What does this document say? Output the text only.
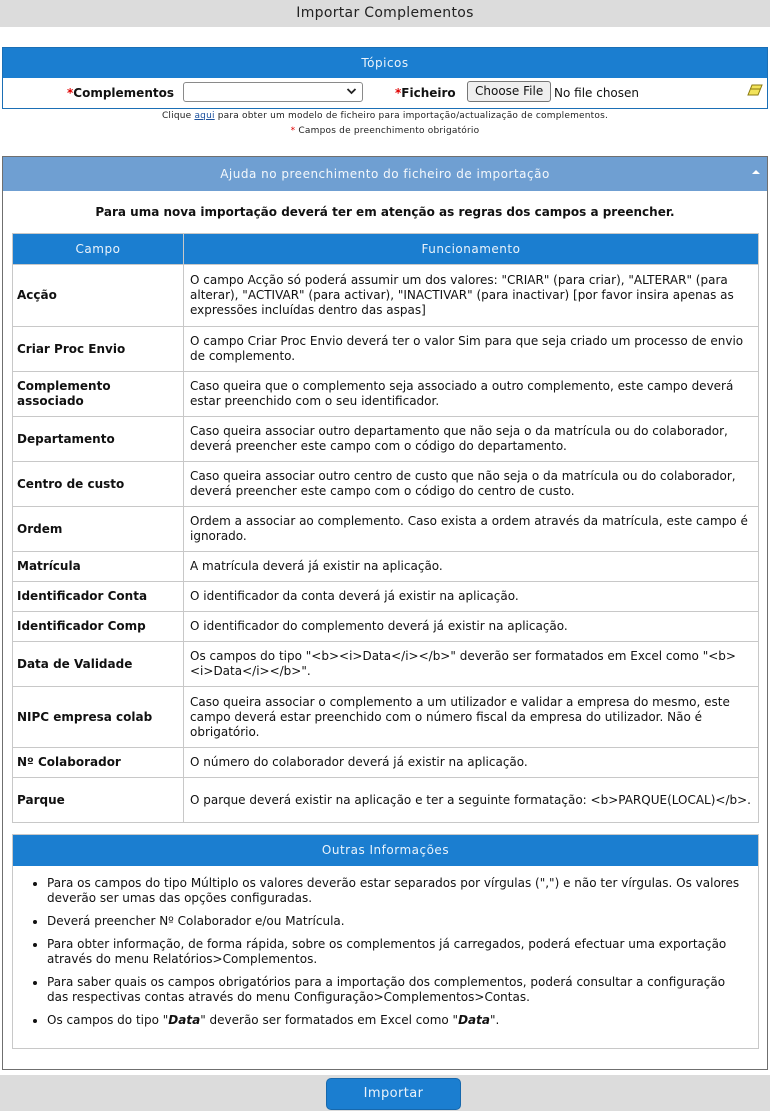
Importar Complementos
Tópicos
*Complementos	*Ficheiro	Choose File No file chosen
Clique aqui para obter um modelo de ficheiro para importação/actualização de complementos.
* Campos de preenchimento obrigatório
Ajuda no preenchimento do ficheiro de importação
Para uma nova importação deverá ter em atenção as regras dos campos a preencher.
Campo	Funcionamento
Acção	O campo Acção só poderá assumir um dos valores: "CRIAR" (para criar), "ALTERAR" (para alterar), "ACTIVAR" (para activar), "INACTIVAR" (para inactivar) [por favor insira apenas as expressões incluídas dentro das aspas]
Criar Proc Envio	O campo Criar Proc Envio deverá ter o valor Sim para que seja criado um processo de envio de complemento.
Complemento associado	Caso queira que o complemento seja associado a outro complemento, este campo deverá estar preenchido com o seu identificador.
Departamento	Caso queira associar outro departamento que não seja o da matrícula ou do colaborador, deverá preencher este campo com o código do departamento.
Centro de custo	Caso queira associar outro centro de custo que não seja o da matrícula ou do colaborador, deverá preencher este campo com o código do centro de custo.
Ordem	Ordem a associar ao complemento. Caso exista a ordem através da matrícula, este campo é ignorado.
Matrícula	A matrícula deverá já existir na aplicação.
Identificador Conta	O identificador da conta deverá já existir na aplicação.
Identificador Comp	O identificador do complemento deverá já existir na aplicação.
Data de Validade	Os campos do tipo "<b><i>Data</i></b>" deverão ser formatados em Excel como "<b><i>Data</i></b>".
NIPC empresa colab	Caso queira associar o complemento a um utilizador e validar a empresa do mesmo, este campo deverá estar preenchido com o número fiscal da empresa do utilizador. Não é obrigatório.
Nº Colaborador	O número do colaborador deverá já existir na aplicação.
Parque	O parque deverá existir na aplicação e ter a seguinte formatação: <b>PARQUE(LOCAL)</b>.
Outras Informações
• Para os campos do tipo Múltiplo os valores deverão estar separados por vírgulas (",") e não ter vírgulas. Os valores deverão ser umas das opções configuradas.
• Deverá preencher Nº Colaborador e/ou Matrícula.
• Para obter informação, de forma rápida, sobre os complementos já carregados, poderá efectuar uma exportação através do menu Relatórios>Complementos.
• Para saber quais os campos obrigatórios para a importação dos complementos, poderá consultar a configuração das respectivas contas através do menu Configuração>Complementos>Contas.
• Os campos do tipo "Data" deverão ser formatados em Excel como "Data".
Importar
